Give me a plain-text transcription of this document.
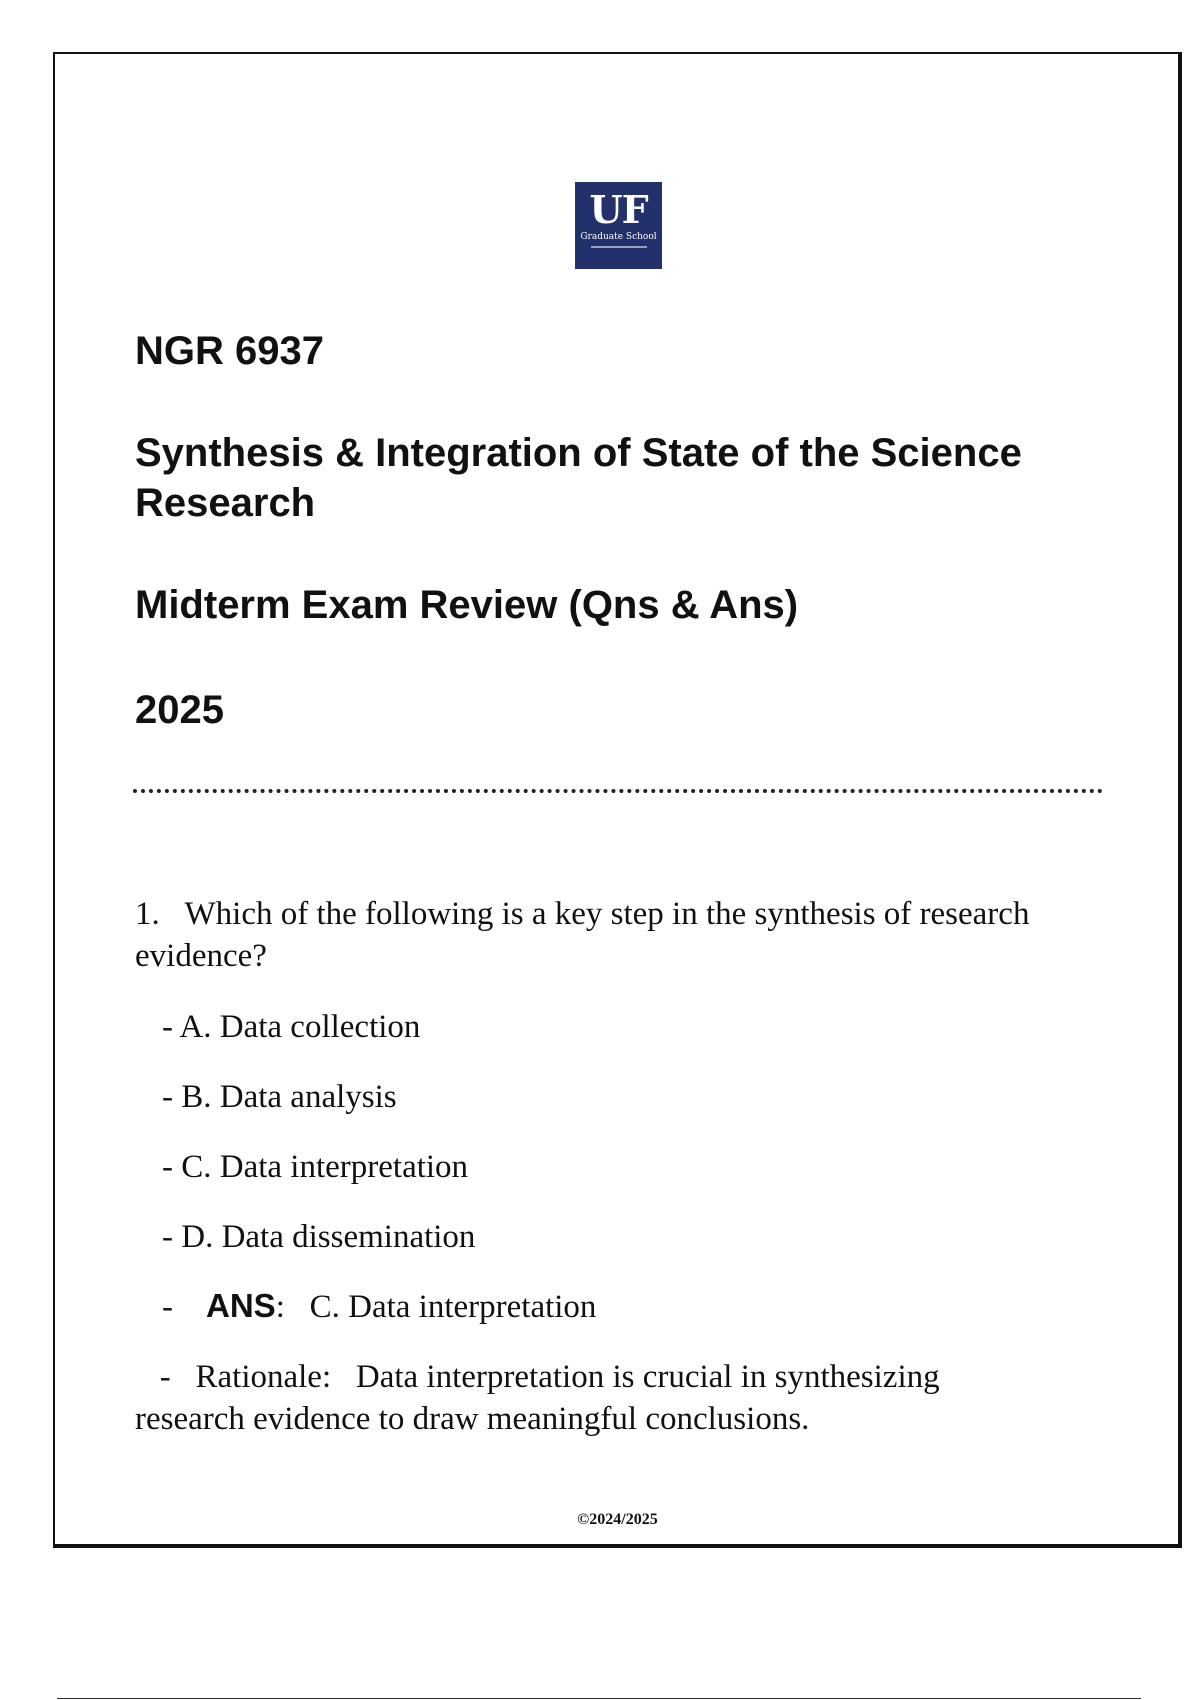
UF
Graduate School
NGR 6937
Synthesis & Integration of State of the Science Research
Midterm Exam Review (Qns & Ans)
2025

1. Which of the following is a key step in the synthesis of research evidence?

- A. Data collection

- B. Data analysis

- C. Data interpretation

- D. Data dissemination

- ANS: C. Data interpretation

- Rationale: Data interpretation is crucial in synthesizing research evidence to draw meaningful conclusions.

©2024/2025
